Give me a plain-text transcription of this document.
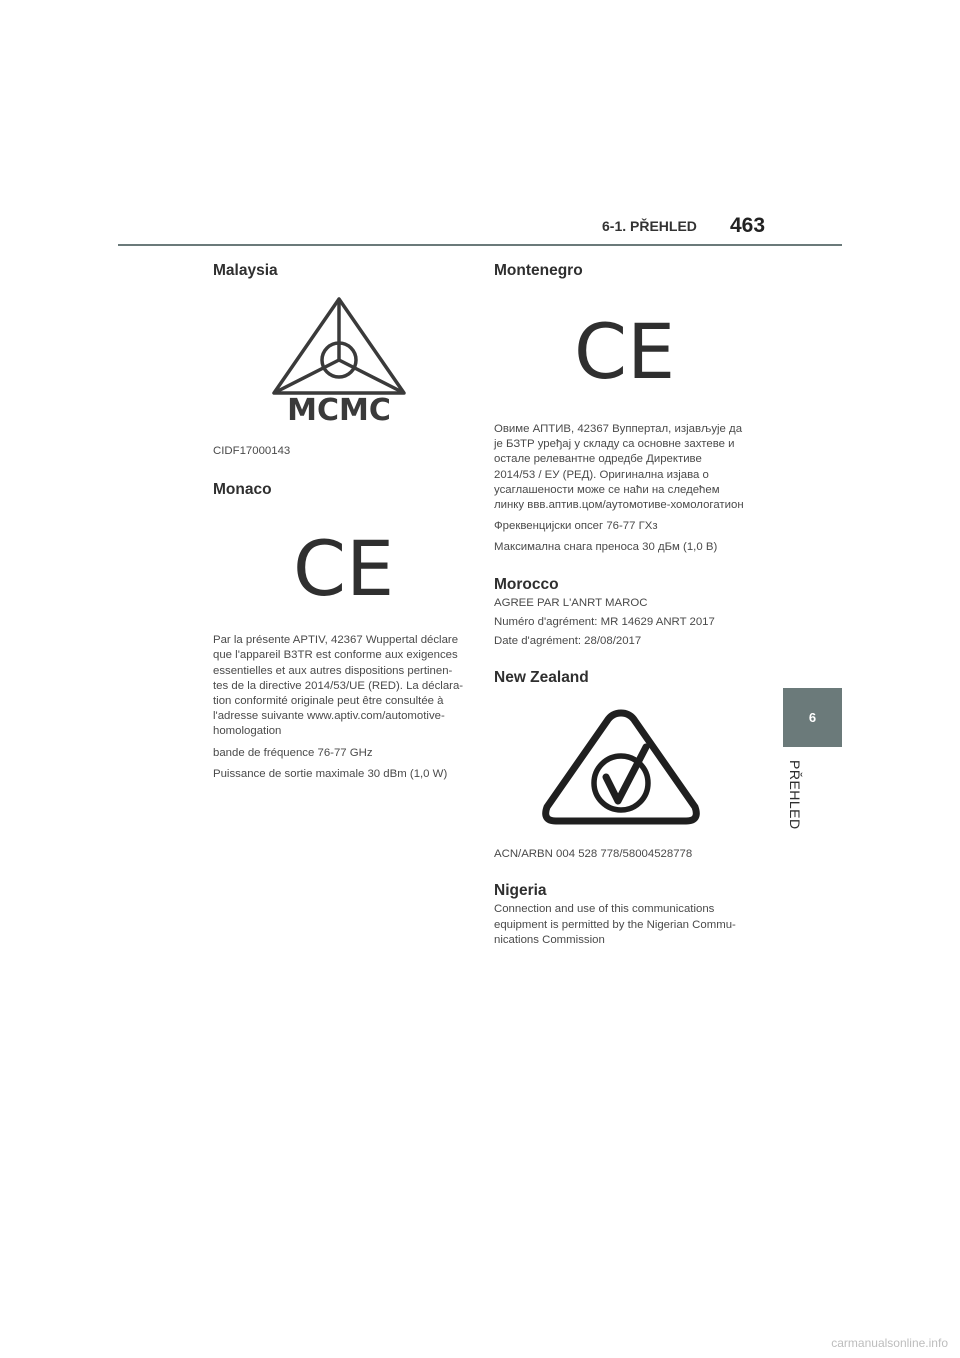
6-1. PŘEHLED 463
Malaysia
MCMC

CIDF17000143

Monaco
CE

Par la présente APTIV, 42367 Wuppertal déclare

que l'appareil B3TR est conforme aux exigences

essentielles et aux autres dispositions pertinen-

tes de la directive 2014/53/UE (RED). La déclara-

tion conformité originale peut être consultée à

l'adresse suivante www.aptiv.com/automotive-

homologation

bande de fréquence 76-77 GHz

Puissance de sortie maximale 30 dBm (1,0 W)

Montenegro
CE

Овиме АПТИВ, 42367 Вуппертал, изјављује да

је БЗТР уређај у складу са основне захтеве и

остале релевантне одредбе Директиве

2014/53 / ЕУ (РЕД). Оригинална изјава о

усаглашености може се наћи на следећем

линку ввв.аптив.цом/аутомотиве-хомологатион

Фреквенцијски опсег 76-77 ГХз

Максимална снага преноса 30 дБм (1,0 В)

Morocco

AGREE PAR L'ANRT MAROC

Numéro d'agrément: MR 14629 ANRT 2017

Date d'agrément: 28/08/2017

New Zealand

ACN/ARBN 004 528 778/58004528778

Nigeria

Connection and use of this communications

equipment is permitted by the Nigerian Commu-

nications Commission

6
PŘEHLED
carmanualsonline.info
